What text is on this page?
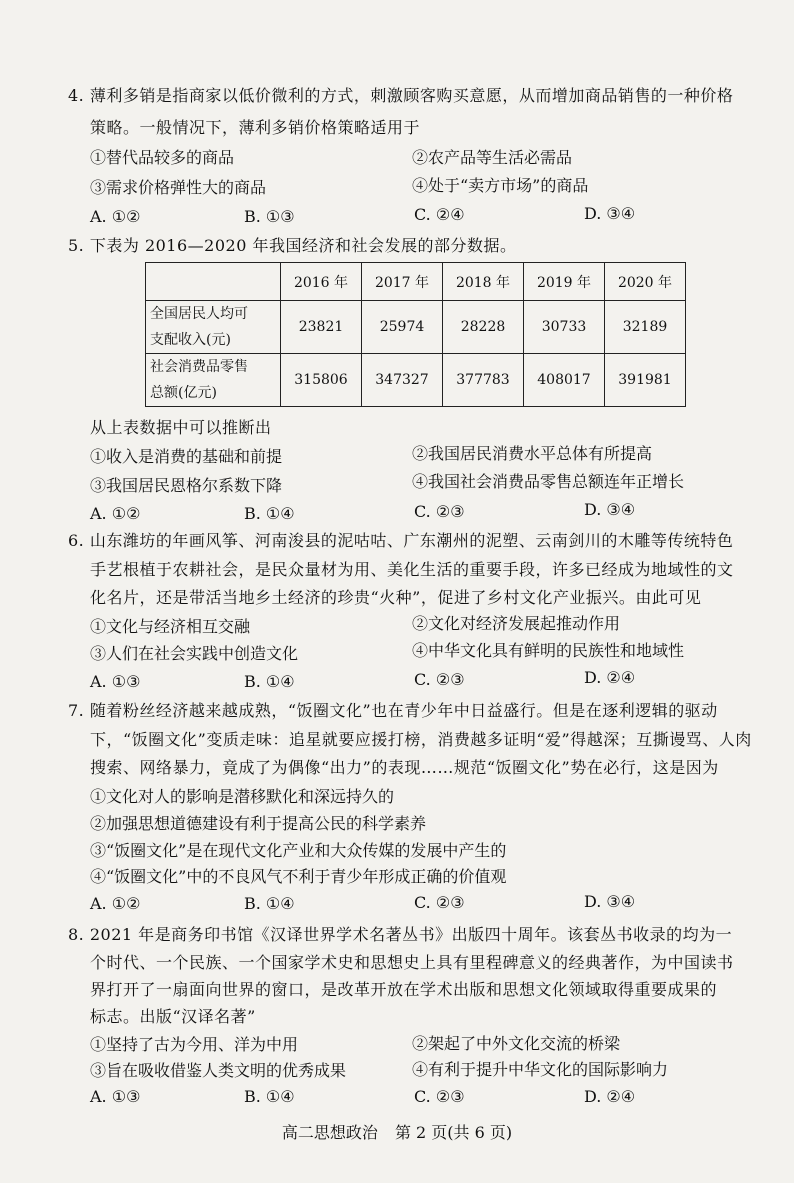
4. 薄利多销是指商家以低价微利的方式，刺激顾客购买意愿，从而增加商品销售的一种价格
策略。一般情况下，薄利多销价格策略适用于
①替代品较多的商品	②农产品等生活必需品
③需求价格弹性大的商品	④处于“卖方市场”的商品
A. ①②	B. ①③	C. ②④	D. ③④
5. 下表为 2016—2020 年我国经济和社会发展的部分数据。
	2016 年	2017 年	2018 年	2019 年	2020 年

全国居民人均可
支配收入(元)	23821	25974	28228	30733	32189

社会消费品零售
总额(亿元)	315806	347327	377783	408017	391981
从上表数据中可以推断出
①收入是消费的基础和前提	②我国居民消费水平总体有所提高
③我国居民恩格尔系数下降	④我国社会消费品零售总额连年正增长
A. ①②	B. ①④	C. ②③	D. ③④
6. 山东潍坊的年画风筝、河南浚县的泥咕咕、广东潮州的泥塑、云南剑川的木雕等传统特色
手艺根植于农耕社会，是民众量材为用、美化生活的重要手段，许多已经成为地域性的文
化名片，还是带活当地乡土经济的珍贵“火种”，促进了乡村文化产业振兴。由此可见
①文化与经济相互交融	②文化对经济发展起推动作用
③人们在社会实践中创造文化	④中华文化具有鲜明的民族性和地域性
A. ①③	B. ①④	C. ②③	D. ②④
7. 随着粉丝经济越来越成熟，“饭圈文化”也在青少年中日益盛行。但是在逐利逻辑的驱动
下，“饭圈文化”变质走味：追星就要应援打榜，消费越多证明“爱”得越深；互撕谩骂、人肉
搜索、网络暴力，竟成了为偶像“出力”的表现……规范“饭圈文化”势在必行，这是因为
①文化对人的影响是潜移默化和深远持久的
②加强思想道德建设有利于提高公民的科学素养
③“饭圈文化”是在现代文化产业和大众传媒的发展中产生的
④“饭圈文化”中的不良风气不利于青少年形成正确的价值观
A. ①②	B. ①④	C. ②③	D. ③④
8. 2021 年是商务印书馆《汉译世界学术名著丛书》出版四十周年。该套丛书收录的均为一
个时代、一个民族、一个国家学术史和思想史上具有里程碑意义的经典著作，为中国读书
界打开了一扇面向世界的窗口，是改革开放在学术出版和思想文化领域取得重要成果的
标志。出版“汉译名著”
①坚持了古为今用、洋为中用	②架起了中外文化交流的桥梁
③旨在吸收借鉴人类文明的优秀成果	④有利于提升中华文化的国际影响力
A. ①③	B. ①④	C. ②③	D. ②④
高二思想政治 第 2 页(共 6 页)
